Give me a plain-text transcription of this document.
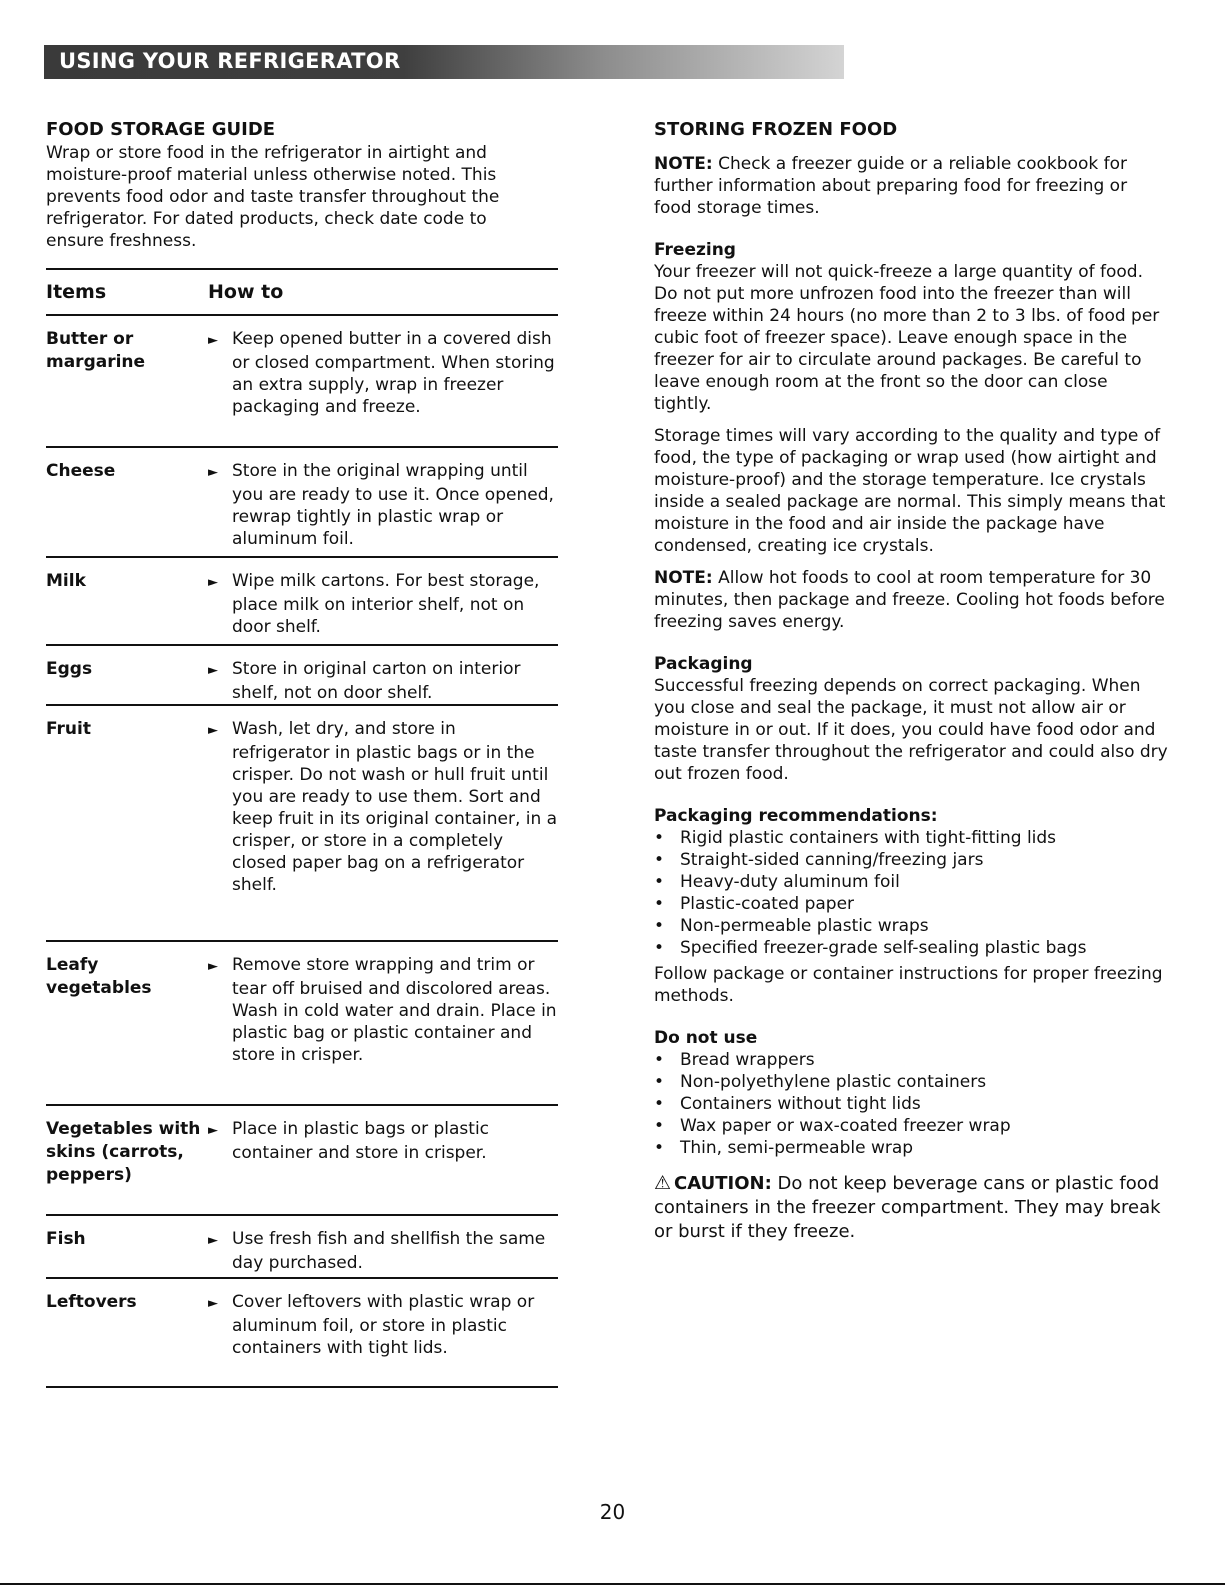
USING YOUR REFRIGERATOR
FOOD STORAGE GUIDE

Wrap or store food in the refrigerator in airtight and moisture-proof material unless otherwise noted. This prevents food odor and taste transfer throughout the refrigerator. For dated products, check date code to ensure freshness.

Items	How to
Butter or margarine	► Keep opened butter in a covered dish or closed compartment. When storing an extra supply, wrap in freezer packaging and freeze.
Cheese	► Store in the original wrapping until you are ready to use it. Once opened, rewrap tightly in plastic wrap or aluminum foil.
Milk	► Wipe milk cartons. For best storage, place milk on interior shelf, not on door shelf.
Eggs	► Store in original carton on interior shelf, not on door shelf.
Fruit	► Wash, let dry, and store in refrigerator in plastic bags or in the crisper. Do not wash or hull fruit until you are ready to use them. Sort and keep fruit in its original container, in a crisper, or store in a completely closed paper bag on a refrigerator shelf.
Leafy vegetables	► Remove store wrapping and trim or tear off bruised and discolored areas. Wash in cold water and drain. Place in plastic bag or plastic container and store in crisper.
Vegetables with skins (carrots, peppers)	► Place in plastic bags or plastic container and store in crisper.
Fish	► Use fresh fish and shellfish the same day purchased.
Leftovers	► Cover leftovers with plastic wrap or aluminum foil, or store in plastic containers with tight lids.
STORING FROZEN FOOD

NOTE: Check a freezer guide or a reliable cookbook for further information about preparing food for freezing or food storage times.

Freezing

Your freezer will not quick-freeze a large quantity of food. Do not put more unfrozen food into the freezer than will freeze within 24 hours (no more than 2 to 3 lbs. of food per cubic foot of freezer space). Leave enough space in the freezer for air to circulate around packages. Be careful to leave enough room at the front so the door can close tightly.

Storage times will vary according to the quality and type of food, the type of packaging or wrap used (how airtight and moisture-proof) and the storage temperature. Ice crystals inside a sealed package are normal. This simply means that moisture in the food and air inside the package have condensed, creating ice crystals.

NOTE: Allow hot foods to cool at room temperature for 30 minutes, then package and freeze. Cooling hot foods before freezing saves energy.

Packaging

Successful freezing depends on correct packaging. When you close and seal the package, it must not allow air or moisture in or out. If it does, you could have food odor and taste transfer throughout the refrigerator and could also dry out frozen food.

Packaging recommendations:
• Rigid plastic containers with tight-fitting lids
• Straight-sided canning/freezing jars
• Heavy-duty aluminum foil
• Plastic-coated paper
• Non-permeable plastic wraps
• Specified freezer-grade self-sealing plastic bags

Follow package or container instructions for proper freezing methods.

Do not use
• Bread wrappers
• Non-polyethylene plastic containers
• Containers without tight lids
• Wax paper or wax-coated freezer wrap
• Thin, semi-permeable wrap

⚠ CAUTION: Do not keep beverage cans or plastic food containers in the freezer compartment. They may break or burst if they freeze.

20
